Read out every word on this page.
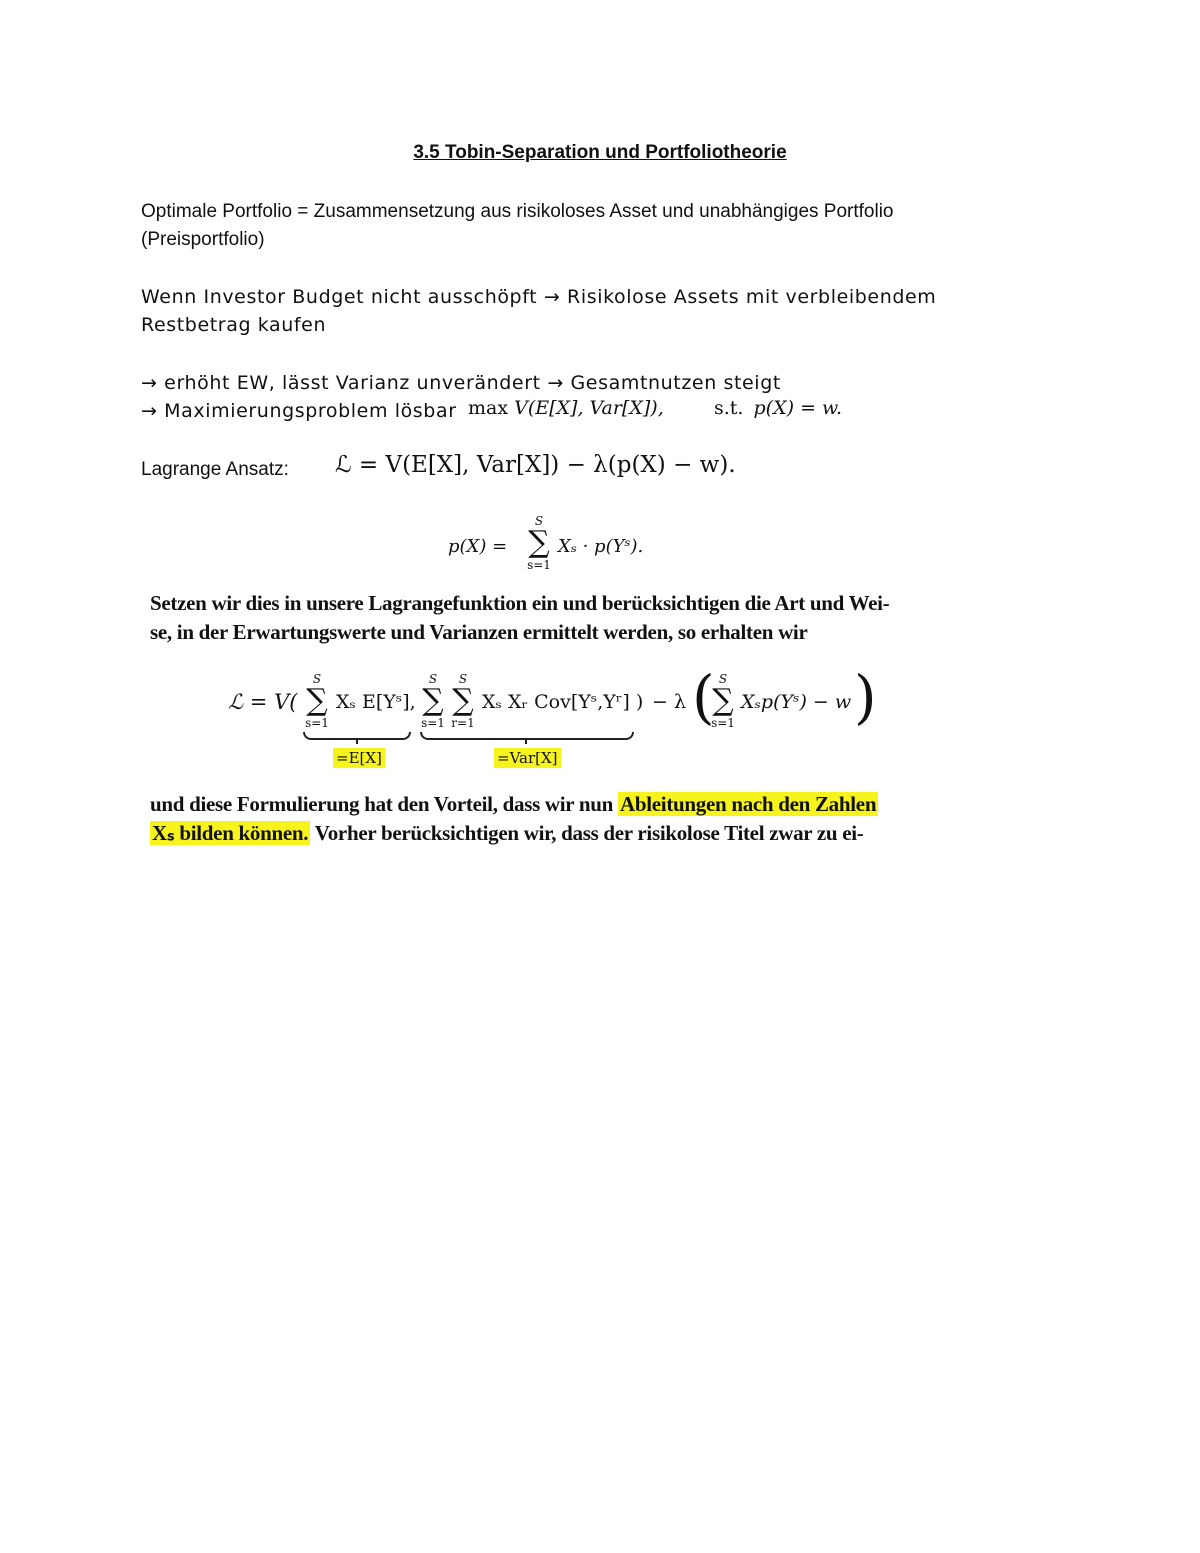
3.5 Tobin-Separation und Portfoliotheorie
Optimale Portfolio = Zusammensetzung aus risikoloses Asset und unabhängiges Portfolio
(Preisportfolio)
Wenn Investor Budget nicht ausschöpft → Risikolose Assets mit verbleibendem
Restbetrag kaufen
→ erhöht EW, lässt Varianz unverändert → Gesamtnutzen steigt
→ Maximierungsproblem lösbar max V(E[X], Var[X]),	s.t. p(X) = w.
Lagrange Ansatz: ℒ = V(E[X], Var[X]) − λ(p(X) − w).
p(X) =
S
∑
s=1
Xₛ · p(Yˢ).
Setzen wir dies in unsere Lagrangefunktion ein und berücksichtigen die Art und Wei-
se, in der Erwartungswerte und Varianzen ermittelt werden, so erhalten wir
ℒ = V(
S
∑
s=1
Xₛ E[Yˢ],
S
∑
s=1
S
∑
r=1
Xₛ Xᵣ Cov[Yˢ,Yʳ] ) − λ ( S
∑
s=1
Xₛp(Yˢ) − w )
=E[X]	=Var[X]
und diese Formulierung hat den Vorteil, dass wir nun Ableitungen nach den Zahlen
Xₛ bilden können. Vorher berücksichtigen wir, dass der risikolose Titel zwar zu ei-
